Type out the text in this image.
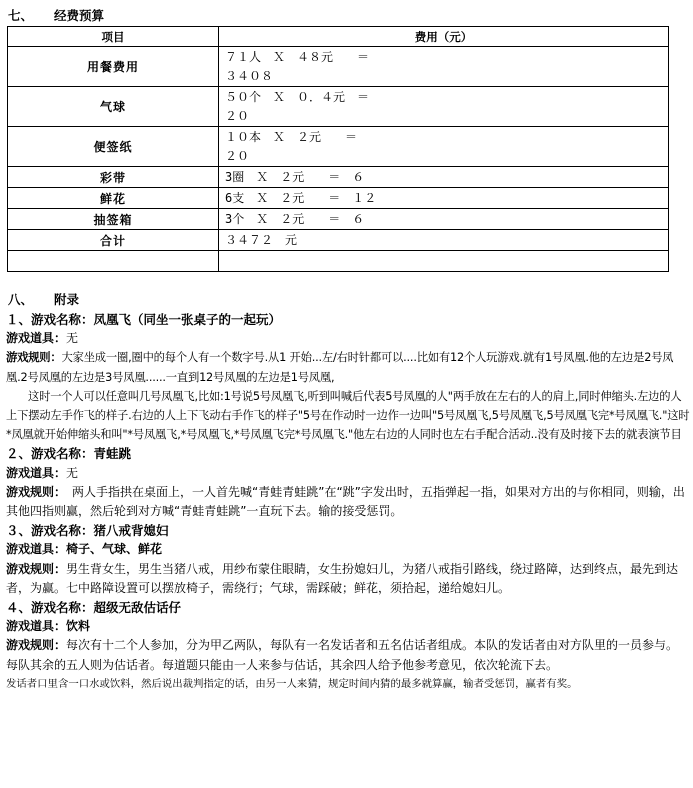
七、 经费预算
项目	费用（元）
用餐费用	７１人　Ｘ　４８元　　＝
３４０８
气球	５０个　Ｘ　０．４元　＝
２０
便签纸	１０本　Ｘ　２元　　＝
２０
彩带	3圈　Ｘ　２元　　＝　６
鲜花	6支　Ｘ　２元　　＝　１２
抽签箱	3个　Ｘ　２元　　＝　６
合计	３４７２　元

八、 附录

１、游戏名称：凤凰飞（同坐一张桌子的一起玩）

游戏道具：无

游戏规则：大家坐成一圈,圈中的每个人有一个数字号.从1 开始...左/右时针都可以....比如有12个人玩游戏.就有1号凤凰.他的左边是2号凤凰.2号凤凰的左边是3号凤凰......一直到12号凤凰的左边是1号凤凰,

这时一个人可以任意叫几号凤凰飞,比如:1号说5号凤凰飞,听到叫喊后代表5号凤凰的人"两手放在左右的人的肩上,同时伸缩头.左边的人上下摆动左手作飞的样子.右边的人上下飞动右手作飞的样子"5号在作动时一边作一边叫"5号凤凰飞,5号凤凰飞,5号凤凰飞完*号凤凰飞."这时*凤凰就开始伸缩头和叫"*号凤凰飞,*号凤凰飞,*号凤凰飞完*号凤凰飞."他左右边的人同时也左右手配合活动..没有及时接下去的就表演节目

２、游戏名称：青蛙跳

游戏道具：无

游戏规则：　两人手指拱在桌面上，一人首先喊“青蛙青蛙跳”在“跳”字发出时，五指弹起一指，如果对方出的与你相同，则输，出其他四指则赢，然后轮到对方喊“青蛙青蛙跳”一直玩下去。输的接受惩罚。

３、游戏名称：猪八戒背媳妇

游戏道具：椅子、气球、鲜花

游戏规则：男生背女生，男生当猪八戒，用纱布蒙住眼睛，女生扮媳妇儿，为猪八戒指引路线，绕过路障，达到终点，最先到达者，为赢。七中路障设置可以摆放椅子，需绕行；气球，需踩破；鲜花，须拾起，递给媳妇儿。

４、游戏名称：超级无敌估话仔

游戏道具：饮料

游戏规则：每次有十二个人参加，分为甲乙两队，每队有一名发话者和五名估话者组成。本队的发话者由对方队里的一员参与。每队其余的五人则为估话者。每道题只能由一人来参与估话，其余四人给予他参考意见，依次轮流下去。

发话者口里含一口水或饮料，然后说出裁判指定的话，由另一人来猜，规定时间内猜的最多就算赢，输者受惩罚，赢者有奖。
